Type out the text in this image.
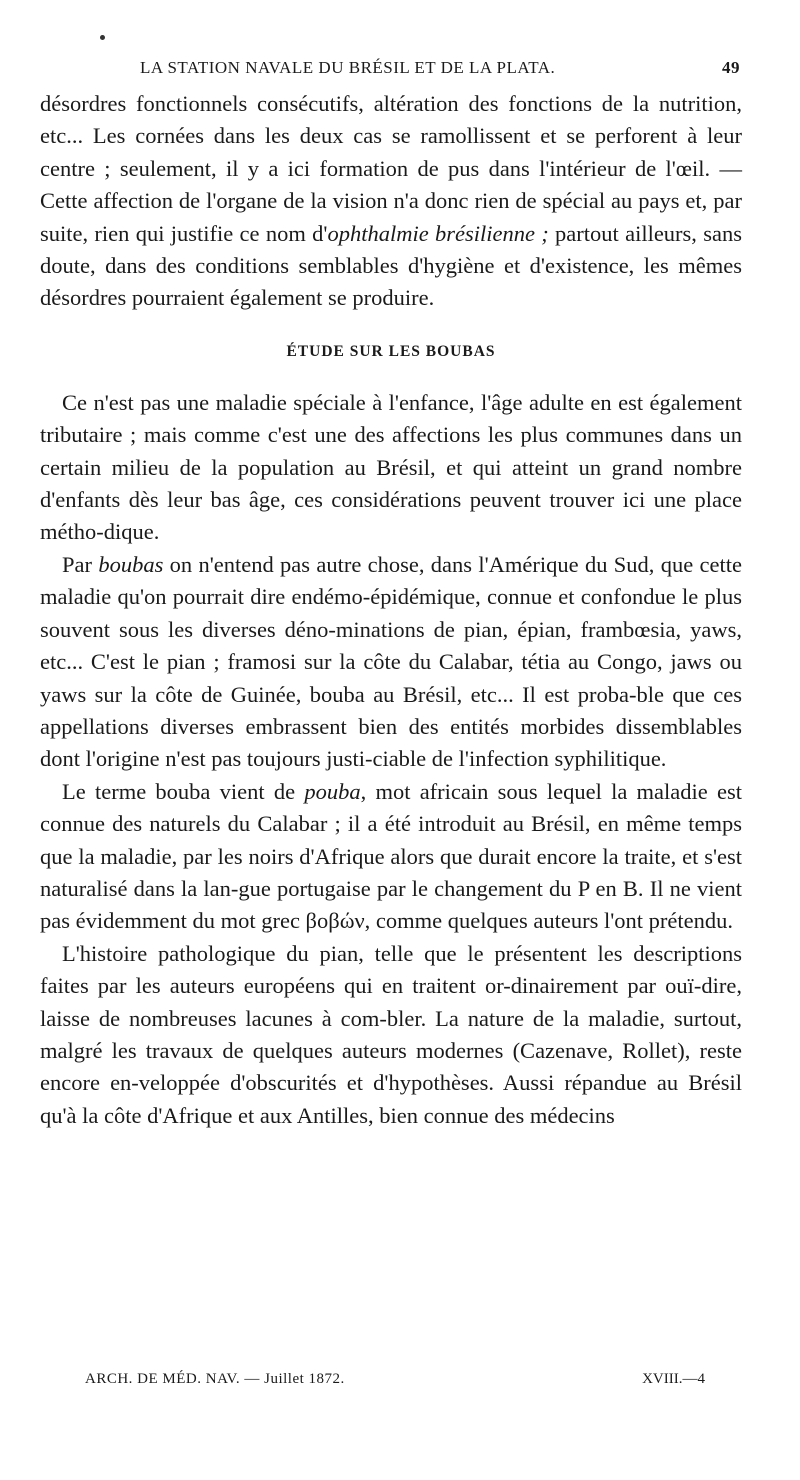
LA STATION NAVALE DU BRÉSIL ET DE LA PLATA.	49

désordres fonctionnels consécutifs, altération des fonctions de la nutrition, etc... Les cornées dans les deux cas se ramollissent et se perforent à leur centre ; seulement, il y a ici formation de pus dans l'intérieur de l'œil. — Cette affection de l'organe de la vision n'a donc rien de spécial au pays et, par suite, rien qui justifie ce nom d'ophthalmie brésilienne ; partout ailleurs, sans doute, dans des conditions semblables d'hygiène et d'existence, les mêmes désordres pourraient également se produire.

ÉTUDE SUR LES BOUBAS

Ce n'est pas une maladie spéciale à l'enfance, l'âge adulte en est également tributaire ; mais comme c'est une des affections les plus communes dans un certain milieu de la population au Brésil, et qui atteint un grand nombre d'enfants dès leur bas âge, ces considérations peuvent trouver ici une place métho-dique.

Par boubas on n'entend pas autre chose, dans l'Amérique du Sud, que cette maladie qu'on pourrait dire endémo-épidémique, connue et confondue le plus souvent sous les diverses déno-minations de pian, épian, frambœsia, yaws, etc... C'est le pian ; framosi sur la côte du Calabar, tétia au Congo, jaws ou yaws sur la côte de Guinée, bouba au Brésil, etc... Il est proba-ble que ces appellations diverses embrassent bien des entités morbides dissemblables dont l'origine n'est pas toujours justi-ciable de l'infection syphilitique.

Le terme bouba vient de pouba, mot africain sous lequel la maladie est connue des naturels du Calabar ; il a été introduit au Brésil, en même temps que la maladie, par les noirs d'Afrique alors que durait encore la traite, et s'est naturalisé dans la lan-gue portugaise par le changement du P en B. Il ne vient pas évidemment du mot grec βοβών, comme quelques auteurs l'ont prétendu.

L'histoire pathologique du pian, telle que le présentent les descriptions faites par les auteurs européens qui en traitent or-dinairement par ouï-dire, laisse de nombreuses lacunes à com-bler. La nature de la maladie, surtout, malgré les travaux de quelques auteurs modernes (Cazenave, Rollet), reste encore en-veloppée d'obscurités et d'hypothèses. Aussi répandue au Brésil qu'à la côte d'Afrique et aux Antilles, bien connue des médecins

ARCH. DE MÉD. NAV. — Juillet 1872.	XVIII.—4
